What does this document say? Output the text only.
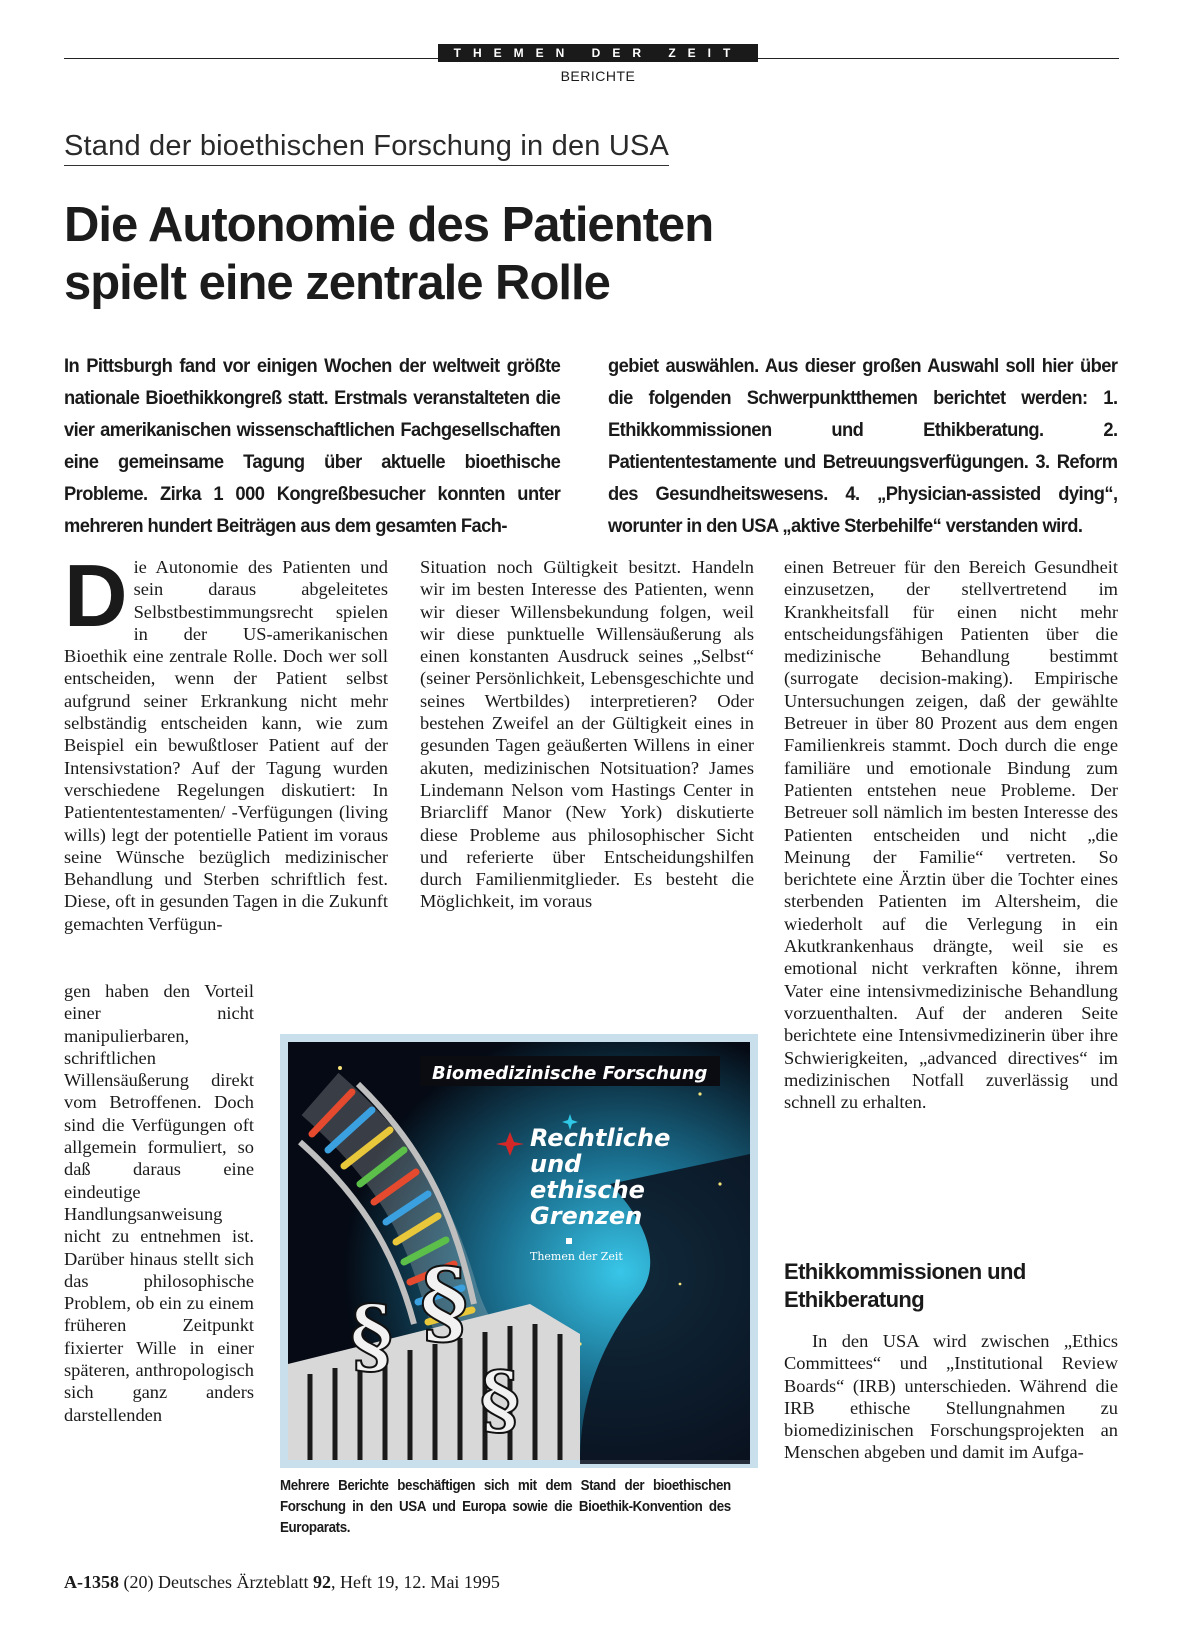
THEMEN DER ZEIT
BERICHTE
Stand der bioethischen Forschung in den USA
Die Autonomie des Patienten
spielt eine zentrale Rolle
In Pittsburgh fand vor einigen Wochen der weltweit größte nationale Bioethikkongreß statt. Erstmals veranstalteten die vier amerikanischen wissenschaftlichen Fachgesellschaften eine gemeinsame Tagung über aktuelle bioethische Probleme. Zirka 1 000 Kongreßbesucher konnten unter mehreren hundert Beiträgen aus dem gesamten Fach-
gebiet auswählen. Aus dieser großen Auswahl soll hier über die folgenden Schwerpunktthemen berichtet werden: 1. Ethikkommissionen und Ethikberatung. 2. Patiententestamente und Betreuungsverfügungen. 3. Reform des Gesundheitswesens. 4. „Physician-assisted dying“, worunter in den USA „aktive Sterbehilfe“ verstanden wird.
D ie Autonomie des Patienten und sein daraus abgeleitetes Selbstbestimmungsrecht spielen in der US-amerikanischen Bioethik eine zentrale Rolle. Doch wer soll entscheiden, wenn der Patient selbst aufgrund seiner Erkrankung nicht mehr selbständig entscheiden kann, wie zum Beispiel ein bewußtloser Patient auf der Intensivstation? Auf der Tagung wurden verschiedene Regelungen diskutiert: In Patiententestamenten/ -Verfügungen (living wills) legt der potentielle Patient im voraus seine Wünsche bezüglich medizinischer Behandlung und Sterben schriftlich fest. Diese, oft in gesunden Tagen in die Zukunft gemachten Verfügun-
gen haben den Vorteil einer nicht manipulierbaren, schriftlichen Willensäußerung direkt vom Betroffenen. Doch sind die Verfügungen oft allgemein formuliert, so daß daraus eine eindeutige Handlungsanweisung nicht zu entnehmen ist. Darüber hinaus stellt sich das philosophische Problem, ob ein zu einem früheren Zeitpunkt fixierter Wille in einer späteren, anthropologisch sich ganz anders darstellenden
Situation noch Gültigkeit besitzt. Handeln wir im besten Interesse des Patienten, wenn wir dieser Willensbekundung folgen, weil wir diese punktuelle Willensäußerung als einen konstanten Ausdruck seines „Selbst“ (seiner Persönlichkeit, Lebensgeschichte und seines Wertbildes) interpretieren? Oder bestehen Zweifel an der Gültigkeit eines in gesunden Tagen geäußerten Willens in einer akuten, medizinischen Notsituation? James Lindemann Nelson vom Hastings Center in Briarcliff Manor (New York) diskutierte diese Probleme aus philosophischer Sicht und referierte über Entscheidungshilfen durch Familienmitglieder. Es besteht die Möglichkeit, im voraus
einen Betreuer für den Bereich Gesundheit einzusetzen, der stellvertretend im Krankheitsfall für einen nicht mehr entscheidungsfähigen Patienten über die medizinische Behandlung bestimmt (surrogate decision-making). Empirische Untersuchungen zeigen, daß der gewählte Betreuer in über 80 Prozent aus dem engen Familienkreis stammt. Doch durch die enge familiäre und emotionale Bindung zum Patienten entstehen neue Probleme. Der Betreuer soll nämlich im besten Interesse des Patienten entscheiden und nicht „die Meinung der Familie“ vertreten. So berichtete eine Ärztin über die Tochter eines sterbenden Patienten im Altersheim, die wiederholt auf die Verlegung in ein Akutkrankenhaus drängte, weil sie es emotional nicht verkraften könne, ihrem Vater eine intensivmedizinische Behandlung vorzuenthalten. Auf der anderen Seite berichtete eine Intensivmedizinerin über ihre Schwierigkeiten, „advanced directives“ im medizinischen Notfall zuverlässig und schnell zu erhalten.
Ethikkommissionen und Ethikberatung

In den USA wird zwischen „Ethics Committees“ und „Institutional Review Boards“ (IRB) unterschieden. Während die IRB ethische Stellungnahmen zu biomedizinischen Forschungsprojekten an Menschen abgeben und damit im Aufga-

§ §
§
Biomedizinische Forschung
Rechtliche
und
ethische
Grenzen
Themen der Zeit
Mehrere Berichte beschäftigen sich mit dem Stand der bioethischen Forschung in den USA und Europa sowie die Bioethik-Konvention des Europarats.
A-1358 (20) Deutsches Ärzteblatt 92, Heft 19, 12. Mai 1995
